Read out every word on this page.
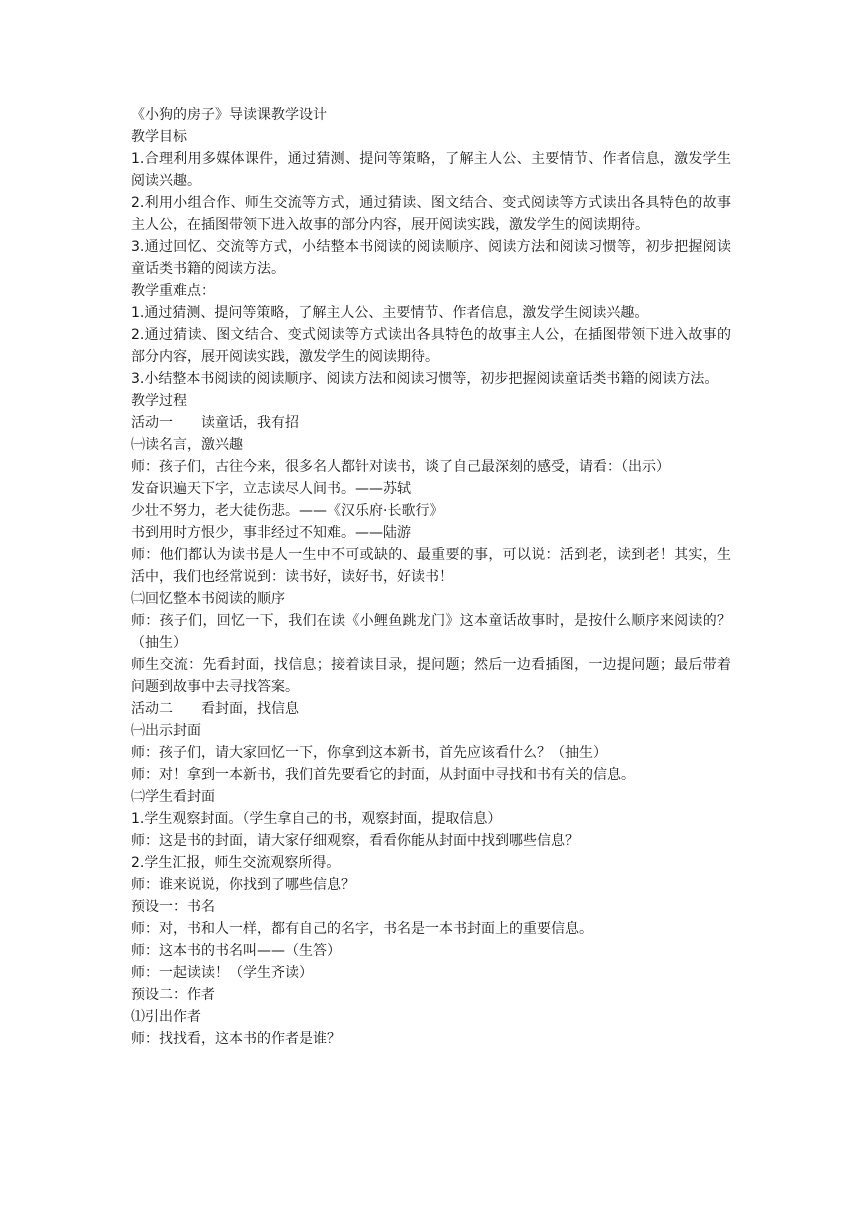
《小狗的房子》导读课教学设计
教学目标
1.合理利用多媒体课件，通过猜测、提问等策略，了解主人公、主要情节、作者信息，激发学生阅读兴趣。
2.利用小组合作、师生交流等方式，通过猜读、图文结合、变式阅读等方式读出各具特色的故事主人公，在插图带领下进入故事的部分内容，展开阅读实践，激发学生的阅读期待。
3.通过回忆、交流等方式，小结整本书阅读的阅读顺序、阅读方法和阅读习惯等，初步把握阅读童话类书籍的阅读方法。
教学重难点：
1.通过猜测、提问等策略，了解主人公、主要情节、作者信息，激发学生阅读兴趣。
2.通过猜读、图文结合、变式阅读等方式读出各具特色的故事主人公，在插图带领下进入故事的部分内容，展开阅读实践，激发学生的阅读期待。
3.小结整本书阅读的阅读顺序、阅读方法和阅读习惯等，初步把握阅读童话类书籍的阅读方法。
教学过程
活动一　　读童话，我有招
㈠读名言，激兴趣
师：孩子们，古往今来，很多名人都针对读书，谈了自己最深刻的感受，请看：（出示）
发奋识遍天下字，立志读尽人间书。——苏轼
少壮不努力，老大徒伤悲。——《汉乐府·长歌行》
书到用时方恨少，事非经过不知难。——陆游
师：他们都认为读书是人一生中不可或缺的、最重要的事，可以说：活到老，读到老！其实，生活中，我们也经常说到：读书好，读好书，好读书！
㈡回忆整本书阅读的顺序
师：孩子们，回忆一下，我们在读《小鲤鱼跳龙门》这本童话故事时，是按什么顺序来阅读的？（抽生）
师生交流：先看封面，找信息；接着读目录，提问题；然后一边看插图，一边提问题；最后带着问题到故事中去寻找答案。
活动二　　看封面，找信息
㈠出示封面
师：孩子们，请大家回忆一下，你拿到这本新书，首先应该看什么？（抽生）
师：对！拿到一本新书，我们首先要看它的封面，从封面中寻找和书有关的信息。
㈡学生看封面
1.学生观察封面。（学生拿自己的书，观察封面，提取信息）
师：这是书的封面，请大家仔细观察，看看你能从封面中找到哪些信息？
2.学生汇报，师生交流观察所得。
师：谁来说说，你找到了哪些信息？
预设一：书名
师：对，书和人一样，都有自己的名字，书名是一本书封面上的重要信息。
师：这本书的书名叫——（生答）
师：一起读读！（学生齐读）
预设二：作者
⑴引出作者
师：找找看，这本书的作者是谁？
